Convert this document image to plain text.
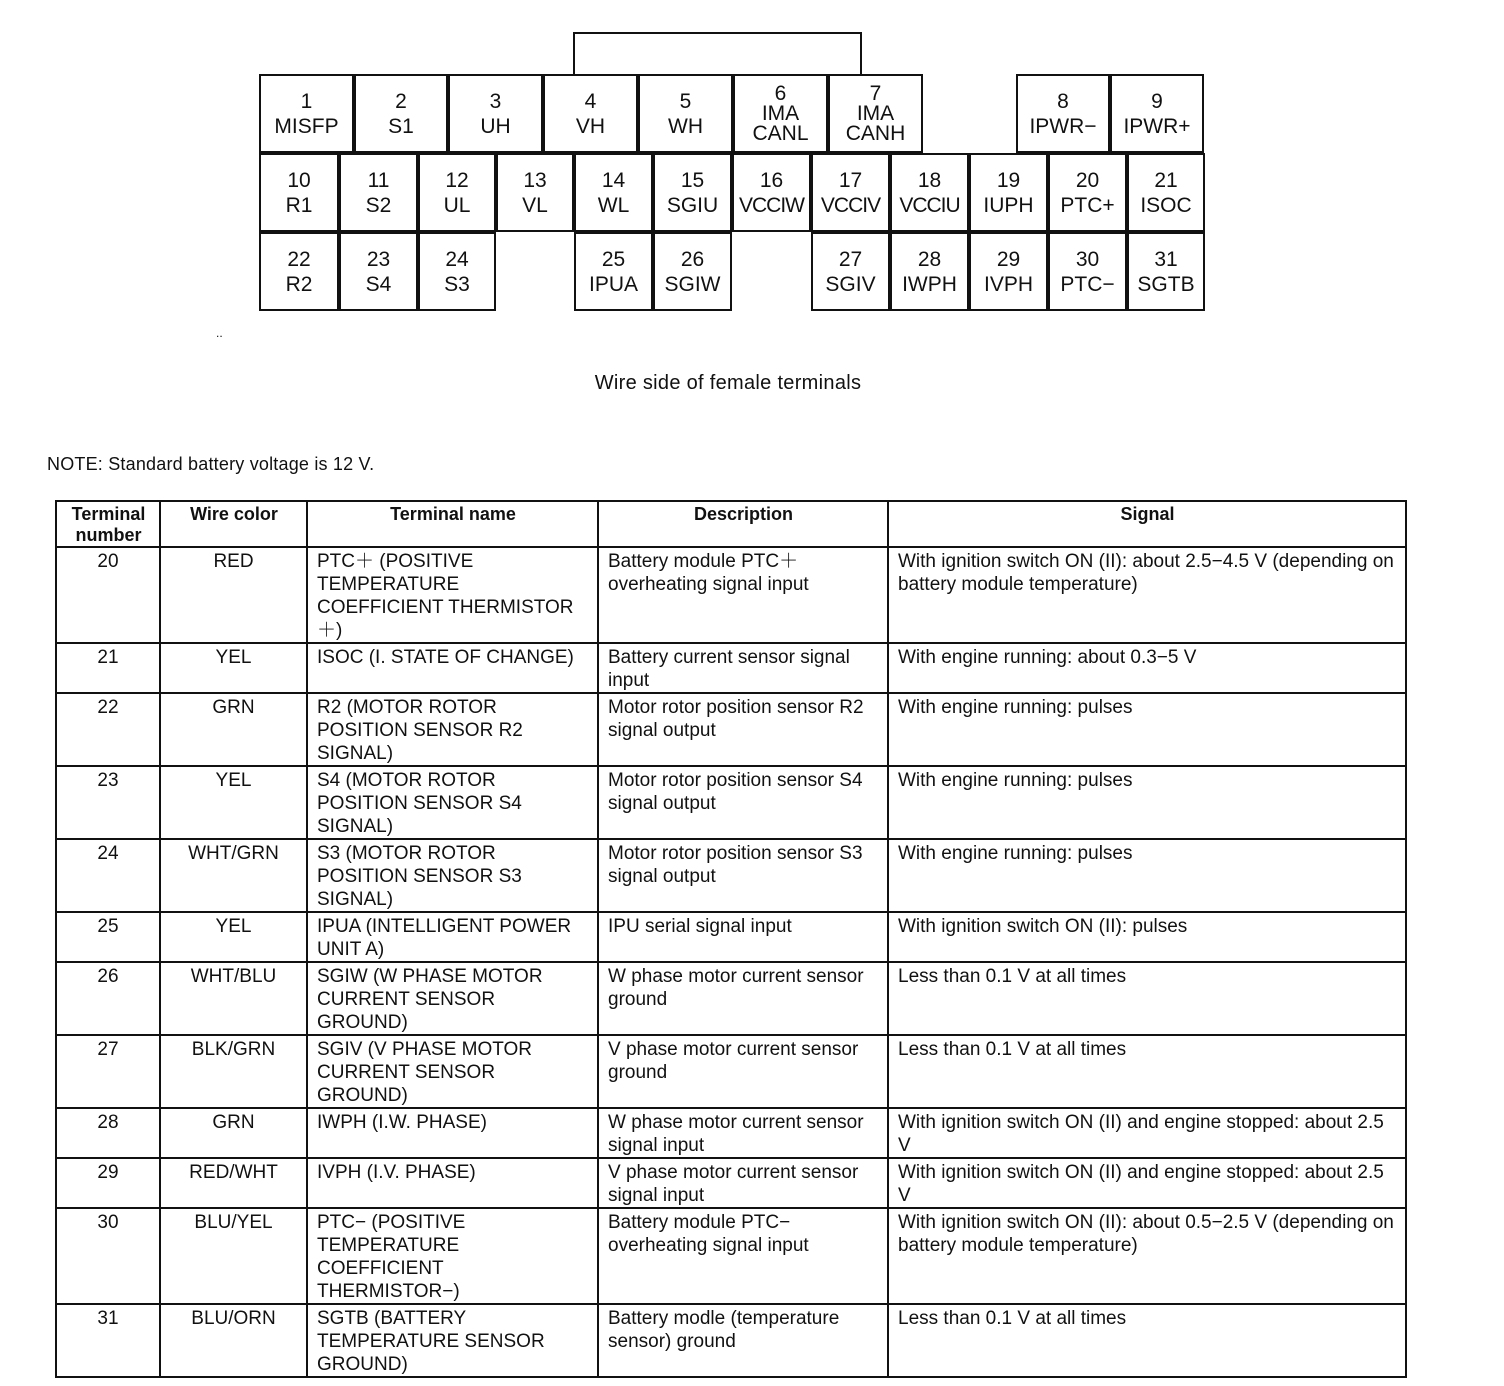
1
MISFP
2
S1
3
UH
4
VH
5
WH
6
IMA CANL
7
IMA CANH
8
IPWR−
9
IPWR+
10
R1
11
S2
12
UL
13
VL
14
WL
15
SGIU
16
VCCIW
17
VCCIV
18
VCCIU
19
IUPH
20
PTC+
21
ISOC
22
R2
23
S4
24
S3
25
IPUA
26
SGIW
27
SGIV
28
IWPH
29
IVPH
30
PTC−
31
SGTB
..
Wire side of female terminals
NOTE: Standard battery voltage is 12 V.
Terminal number	Wire color	Terminal name	Description	Signal
20	RED	PTC＋ (POSITIVE TEMPERATURE COEFFICIENT THERMISTOR＋)	Battery module PTC＋ overheating signal input	With ignition switch ON (II): about 2.5−4.5 V (depending on battery module temperature)
21	YEL	ISOC (I. STATE OF CHANGE)	Battery current sensor signal input	With engine running: about 0.3−5 V
22	GRN	R2 (MOTOR ROTOR POSITION SENSOR R2 SIGNAL)	Motor rotor position sensor R2 signal output	With engine running: pulses
23	YEL	S4 (MOTOR ROTOR POSITION SENSOR S4 SIGNAL)	Motor rotor position sensor S4 signal output	With engine running: pulses
24	WHT/GRN	S3 (MOTOR ROTOR POSITION SENSOR S3 SIGNAL)	Motor rotor position sensor S3 signal output	With engine running: pulses
25	YEL	IPUA (INTELLIGENT POWER UNIT A)	IPU serial signal input	With ignition switch ON (II): pulses
26	WHT/BLU	SGIW (W PHASE MOTOR CURRENT SENSOR GROUND)	W phase motor current sensor ground	Less than 0.1 V at all times
27	BLK/GRN	SGIV (V PHASE MOTOR CURRENT SENSOR GROUND)	V phase motor current sensor ground	Less than 0.1 V at all times
28	GRN	IWPH (I.W. PHASE)	W phase motor current sensor signal input	With ignition switch ON (II) and engine stopped: about 2.5 V
29	RED/WHT	IVPH (I.V. PHASE)	V phase motor current sensor signal input	With ignition switch ON (II) and engine stopped: about 2.5 V
30	BLU/YEL	PTC− (POSITIVE TEMPERATURE COEFFICIENT THERMISTOR−)	Battery module PTC− overheating signal input	With ignition switch ON (II): about 0.5−2.5 V (depending on battery module temperature)
31	BLU/ORN	SGTB (BATTERY TEMPERATURE SENSOR GROUND)	Battery modle (temperature sensor) ground	Less than 0.1 V at all times
